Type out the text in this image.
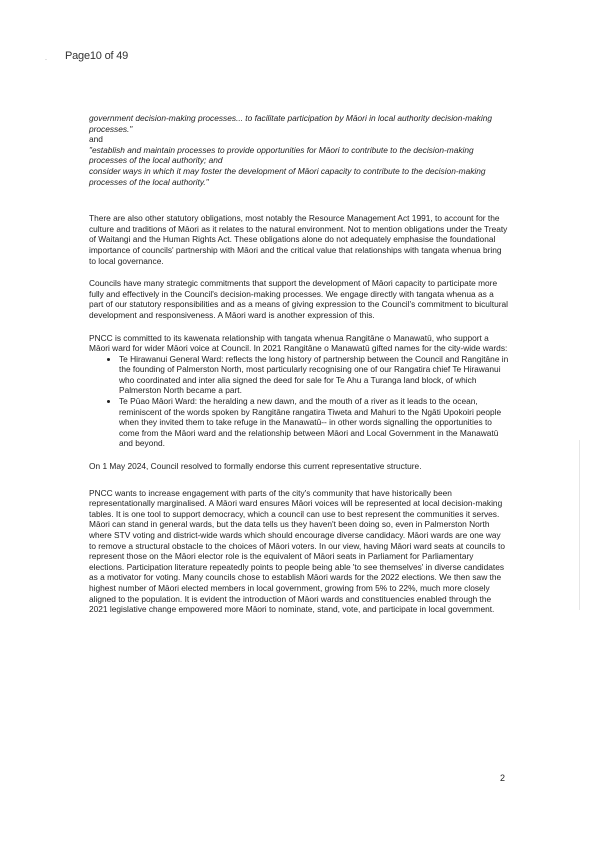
· Page10 of 49

government decision-making processes... to facilitate participation by Māori in local authority decision-making processes."

and

"establish and maintain processes to provide opportunities for Māori to contribute to the decision-making processes of the local authority; and

consider ways in which it may foster the development of Māori capacity to contribute to the decision-making processes of the local authority."

There are also other statutory obligations, most notably the Resource Management Act 1991, to account for the culture and traditions of Māori as it relates to the natural environment. Not to mention obligations under the Treaty of Waitangi and the Human Rights Act. These obligations alone do not adequately emphasise the foundational importance of councils' partnership with Māori and the critical value that relationships with tangata whenua bring to local governance.

Councils have many strategic commitments that support the development of Māori capacity to participate more fully and effectively in the Council's decision-making processes. We engage directly with tangata whenua as a part of our statutory responsibilities and as a means of giving expression to the Council's commitment to bicultural development and responsiveness. A Māori ward is another expression of this.

PNCC is committed to its kawenata relationship with tangata whenua Rangitāne o Manawatū, who support a Māori ward for wider Māori voice at Council. In 2021 Rangitāne o Manawatū gifted names for the city-wide wards:

• Te Hirawanui General Ward: reflects the long history of partnership between the Council and Rangitāne in the founding of Palmerston North, most particularly recognising one of our Rangatira chief Te Hirawanui who coordinated and inter alia signed the deed for sale for Te Ahu a Turanga land block, of which Palmerston North became a part.
• Te Pūao Māori Ward: the heralding a new dawn, and the mouth of a river as it leads to the ocean, reminiscent of the words spoken by Rangitāne rangatira Tiweta and Mahuri to the Ngāti Upokoiri people when they invited them to take refuge in the Manawatū-- in other words signalling the opportunities to come from the Māori ward and the relationship between Māori and Local Government in the Manawatū and beyond.

On 1 May 2024, Council resolved to formally endorse this current representative structure.

PNCC wants to increase engagement with parts of the city's community that have historically been representationally marginalised. A Māori ward ensures Māori voices will be represented at local decision-making tables. It is one tool to support democracy, which a council can use to best represent the communities it serves. Māori can stand in general wards, but the data tells us they haven't been doing so, even in Palmerston North where STV voting and district-wide wards which should encourage diverse candidacy. Māori wards are one way to remove a structural obstacle to the choices of Māori voters. In our view, having Māori ward seats at councils to represent those on the Māori elector role is the equivalent of Māori seats in Parliament for Parliamentary elections. Participation literature repeatedly points to people being able 'to see themselves' in diverse candidates as a motivator for voting. Many councils chose to establish Māori wards for the 2022 elections. We then saw the highest number of Māori elected members in local government, growing from 5% to 22%, much more closely aligned to the population. It is evident the introduction of Māori wards and constituencies enabled through the 2021 legislative change empowered more Māori to nominate, stand, vote, and participate in local government.

2
